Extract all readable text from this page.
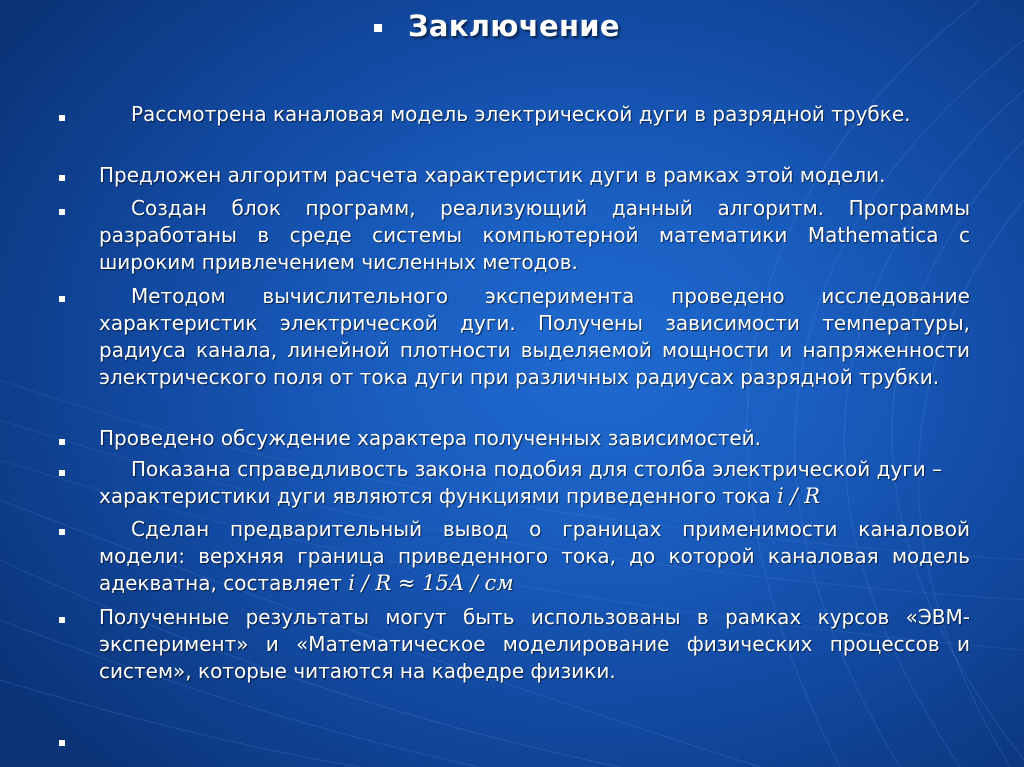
Заключение
Рассмотрена каналовая модель электрической дуги в разрядной трубке.
Предложен алгоритм расчета характеристик дуги в рамках этой модели.
Создан блок программ, реализующий данный алгоритм. Программы разработаны в среде системы компьютерной математики Mathematica с широким привлечением численных методов.
Методом вычислительного эксперимента проведено исследование характеристик электрической дуги. Получены зависимости температуры, радиуса канала, линейной плотности выделяемой мощности и напряженности электрического поля от тока дуги при различных радиусах разрядной трубки.
Проведено обсуждение характера полученных зависимостей.
Показана справедливость закона подобия для столба электрической дуги – характеристики дуги являются функциями приведенного тока i / R
Сделан предварительный вывод о границах применимости каналовой модели: верхняя граница приведенного тока, до которой каналовая модель адекватна, составляет i / R ≈ 15A / см
Полученные результаты могут быть использованы в рамках курсов «ЭВМ-эксперимент» и «Математическое моделирование физических процессов и систем», которые читаются на кафедре физики.
